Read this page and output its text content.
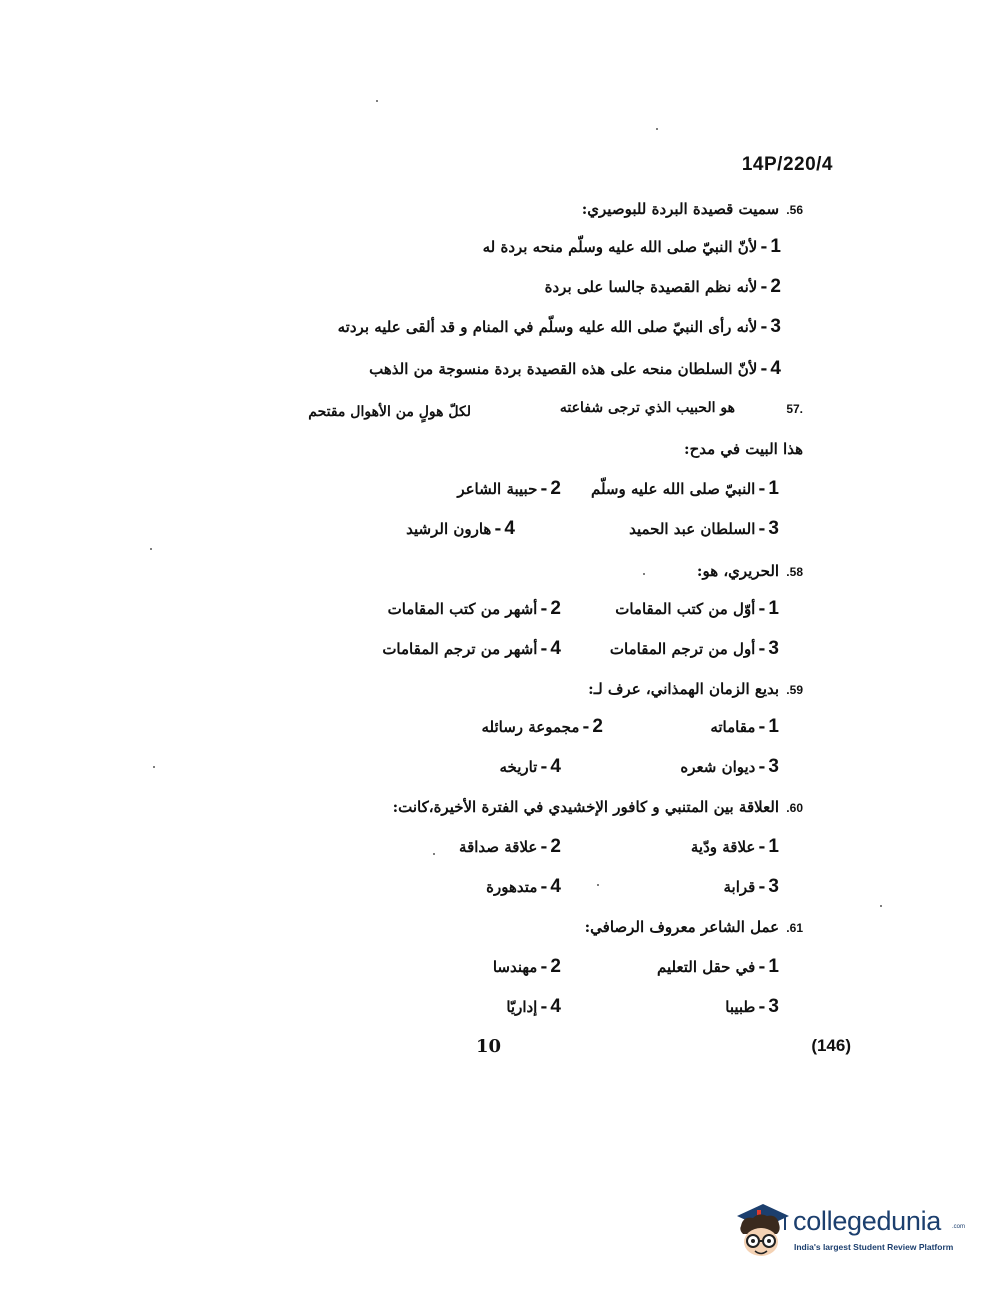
14P/220/4
56. سميت قصيدة البردة للبوصيري:
1-لأنّ النبيّ صلى الله عليه وسلّم منحه بردة له
2-لأنه نظم القصيدة جالسا على بردة
3-لأنه رأى النبيّ صلى الله عليه وسلّم في المنام و قد ألقى عليه بردته
4-لأنّ السلطان منحه على هذه القصيدة بردة منسوجة من الذهب
57.
هو الحبيب الذي ترجى شفاعته
لكلّ هولٍ من الأهوال مقتحم
هذا البيت في مدح:
1-النبيّ صلى الله عليه وسلّم
2-حبيبة الشاعر
3-السلطان عبد الحميد
4-هارون الرشيد
58. الحريري، هو:
1-أوّل من كتب المقامات
2-أشهر من كتب المقامات
3-أول من ترجم المقامات
4-أشهر من ترجم المقامات
59. بديع الزمان الهمذاني، عرف لـ:
1-مقاماته
2-مجموعة رسائله
3-ديوان شعره
4-تاريخه
60. العلاقة بين المتنبي و كافور الإخشيدي في الفترة الأخيرة،كانت:
1-علاقة ودّية
2-علاقة صداقة
3-قرابة
4-متدهورة
61. عمل الشاعر معروف الرصافي:
1-في حقل التعليم
2-مهندسا
3-طبيبا
4-إداريّا
10	(146)
collegedunia .com
India's largest Student Review Platform
